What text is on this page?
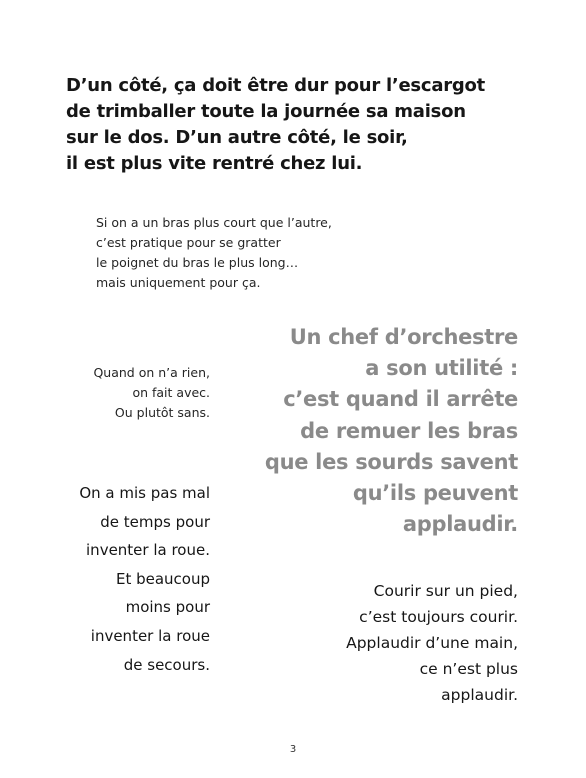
D’un côté, ça doit être dur pour l’escargot
de trimballer toute la journée sa maison
sur le dos. D’un autre côté, le soir,
il est plus vite rentré chez lui.

Si on a un bras plus court que l’autre,
c’est pratique pour se gratter
le poignet du bras le plus long…
mais uniquement pour ça.

Quand on n’a rien,
on fait avec.
Ou plutôt sans.

Un chef d’orchestre
a son utilité :
c’est quand il arrête
de remuer les bras
que les sourds savent
qu’ils peuvent
applaudir.

On a mis pas mal
de temps pour
inventer la roue.
Et beaucoup
moins pour
inventer la roue
de secours.

Courir sur un pied,
c’est toujours courir.
Applaudir d’une main,
ce n’est plus
applaudir.

3
